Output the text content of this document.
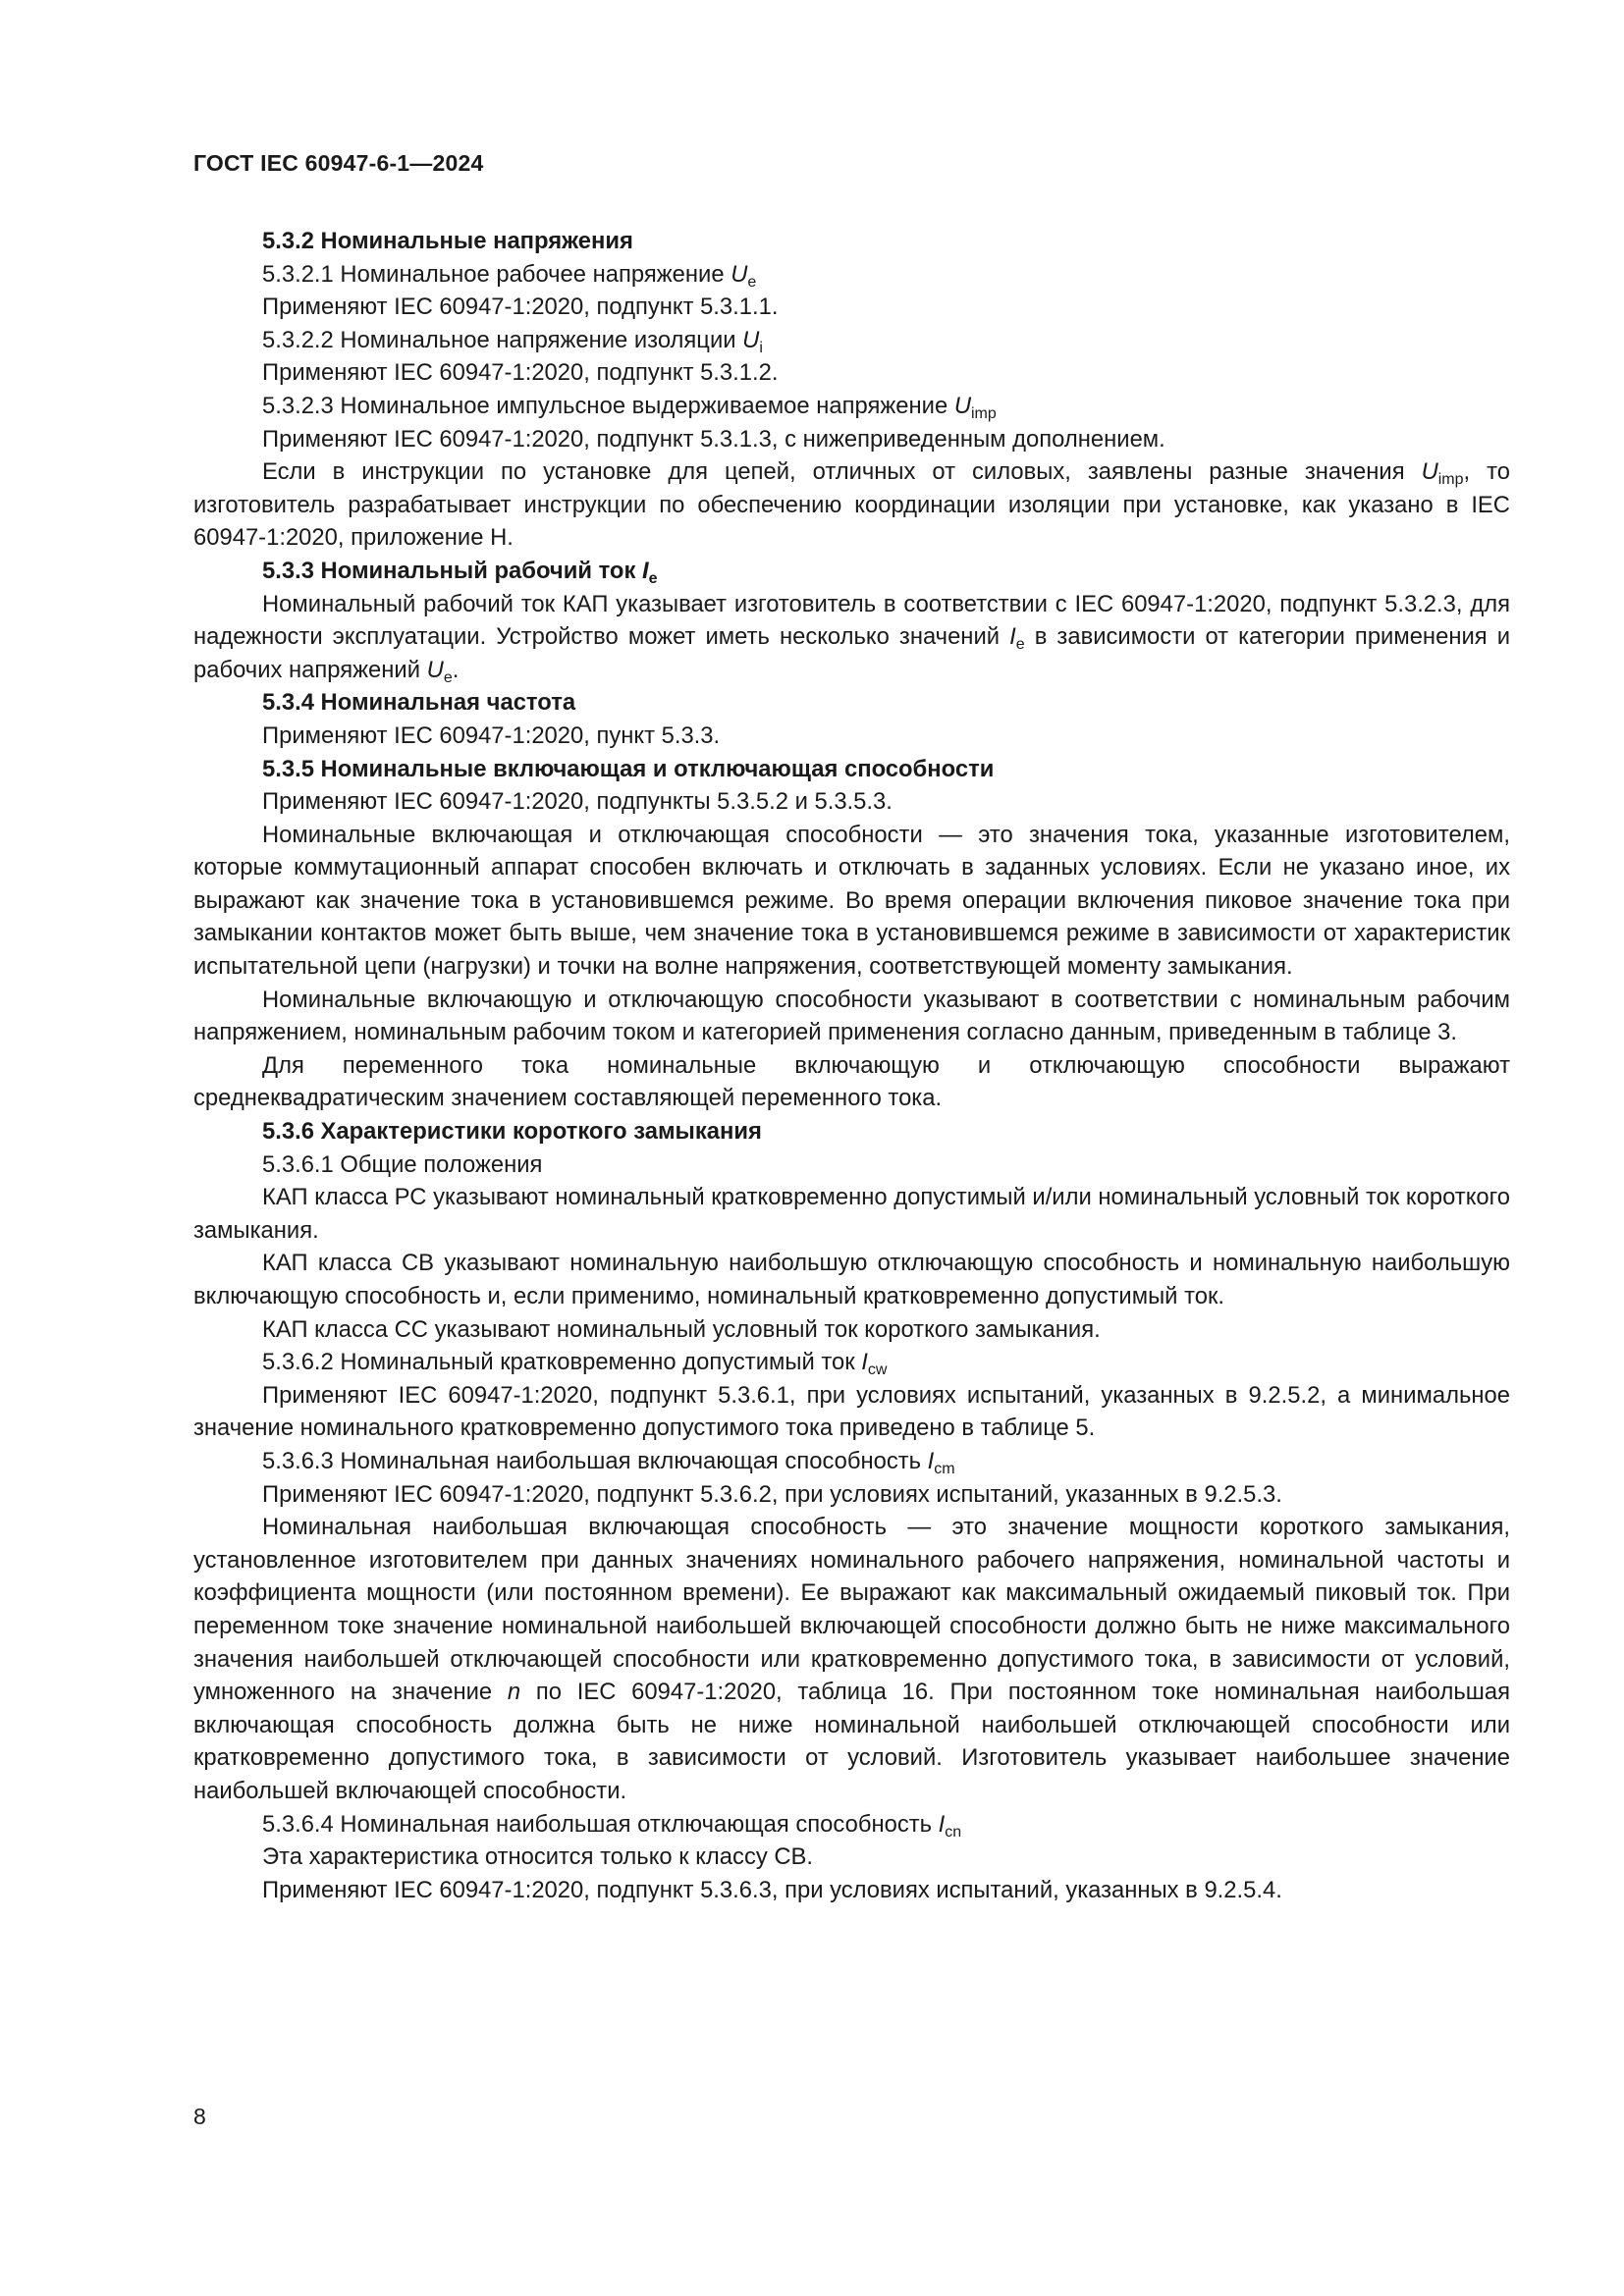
ГОСТ IEC 60947-6-1—2024

5.3.2 Номинальные напряжения

5.3.2.1 Номинальное рабочее напряжение $U_e$

Применяют IEC 60947-1:2020, подпункт 5.3.1.1.

5.3.2.2 Номинальное напряжение изоляции $U_i$

Применяют IEC 60947-1:2020, подпункт 5.3.1.2.

5.3.2.3 Номинальное импульсное выдерживаемое напряжение $U_{imp}$

Применяют IEC 60947-1:2020, подпункт 5.3.1.3, с нижеприведенным дополнением.

Если в инструкции по установке для цепей, отличных от силовых, заявлены разные значения $U_{imp}$, то изготовитель разрабатывает инструкции по обеспечению координации изоляции при установке, как указано в IEC 60947-1:2020, приложение Н.

5.3.3 Номинальный рабочий ток $I_e$

Номинальный рабочий ток КАП указывает изготовитель в соответствии с IEC 60947-1:2020, подпункт 5.3.2.3, для надежности эксплуатации. Устройство может иметь несколько значений $I_e$ в зависимости от категории применения и рабочих напряжений $U_e$.

5.3.4 Номинальная частота

Применяют IEC 60947-1:2020, пункт 5.3.3.

5.3.5 Номинальные включающая и отключающая способности

Применяют IEC 60947-1:2020, подпункты 5.3.5.2 и 5.3.5.3.

Номинальные включающая и отключающая способности — это значения тока, указанные изготовителем, которые коммутационный аппарат способен включать и отключать в заданных условиях. Если не указано иное, их выражают как значение тока в установившемся режиме. Во время операции включения пиковое значение тока при замыкании контактов может быть выше, чем значение тока в установившемся режиме в зависимости от характеристик испытательной цепи (нагрузки) и точки на волне напряжения, соответствующей моменту замыкания.

Номинальные включающую и отключающую способности указывают в соответствии с номинальным рабочим напряжением, номинальным рабочим током и категорией применения согласно данным, приведенным в таблице 3.

Для переменного тока номинальные включающую и отключающую способности выражают среднеквадратическим значением составляющей переменного тока.

5.3.6 Характеристики короткого замыкания

5.3.6.1 Общие положения

КАП класса РС указывают номинальный кратковременно допустимый и/или номинальный условный ток короткого замыкания.

КАП класса СВ указывают номинальную наибольшую отключающую способность и номинальную наибольшую включающую способность и, если применимо, номинальный кратковременно допустимый ток.

КАП класса СС указывают номинальный условный ток короткого замыкания.

5.3.6.2 Номинальный кратковременно допустимый ток $I_{cw}$

Применяют IEC 60947-1:2020, подпункт 5.3.6.1, при условиях испытаний, указанных в 9.2.5.2, а минимальное значение номинального кратковременно допустимого тока приведено в таблице 5.

5.3.6.3 Номинальная наибольшая включающая способность $I_{cm}$

Применяют IEC 60947-1:2020, подпункт 5.3.6.2, при условиях испытаний, указанных в 9.2.5.3.

Номинальная наибольшая включающая способность — это значение мощности короткого замыкания, установленное изготовителем при данных значениях номинального рабочего напряжения, номинальной частоты и коэффициента мощности (или постоянном времени). Ее выражают как максимальный ожидаемый пиковый ток. При переменном токе значение номинальной наибольшей включающей способности должно быть не ниже максимального значения наибольшей отключающей способности или кратковременно допустимого тока, в зависимости от условий, умноженного на значение n по IEC 60947-1:2020, таблица 16. При постоянном токе номинальная наибольшая включающая способность должна быть не ниже номинальной наибольшей отключающей способности или кратковременно допустимого тока, в зависимости от условий. Изготовитель указывает наибольшее значение наибольшей включающей способности.

5.3.6.4 Номинальная наибольшая отключающая способность $I_{cn}$

Эта характеристика относится только к классу СВ.

Применяют IEC 60947-1:2020, подпункт 5.3.6.3, при условиях испытаний, указанных в 9.2.5.4.

8
